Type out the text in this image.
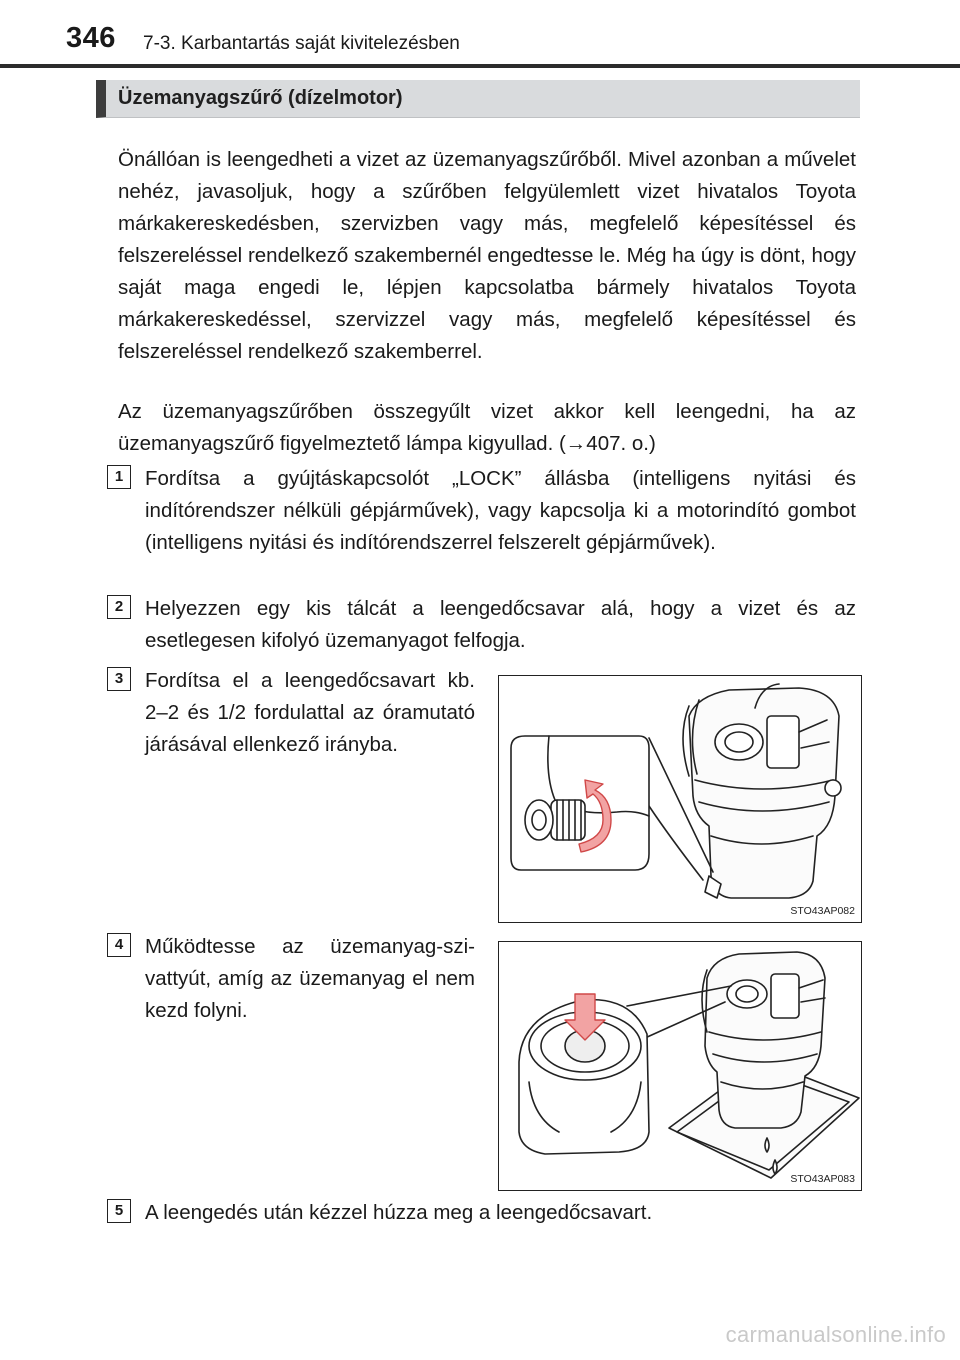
346 7-3. Karbantartás saját kivitelezésben
Üzemanyagszűrő (dízelmotor)

Önállóan is leengedheti a vizet az üzemanyagszűrőből. Mivel azonban a művelet nehéz, javasoljuk, hogy a szűrőben felgyülemlett vizet hivatalos Toyota márkakereskedésben, szervizben vagy más, megfelelő képesítéssel és felszereléssel rendelkező szakembernél engedtesse le. Még ha úgy is dönt, hogy saját maga engedi le, lépjen kapcsolatba bármely hivatalos Toyota márkakereskedéssel, szervizzel vagy más, megfelelő képesítéssel és felszereléssel rendelkező szakemberrel.

Az üzemanyagszűrőben összegyűlt vizet akkor kell leengedni, ha az üzemanyagszűrő figyelmeztető lámpa kigyullad. (→407. o.)

1	Fordítsa a gyújtáskapcsolót „LOCK” állásba (intelligens nyitási és indítórendszer nélküli gépjárművek), vagy kapcsolja ki a motorindító gombot (intelligens nyitási és indítórendszerrel felszerelt gépjárművek).

2	Helyezzen egy kis tálcát a leengedőcsavar alá, hogy a vizet és az esetlegesen kifolyó üzemanyagot felfogja.

3	Fordítsa el a leengedőcsavart kb. 2–2 és 1/2 fordulattal az óramutató járásával ellenkező irányba.

STO43AP082
4	Működtesse az üzemanyag-szivattyút, amíg az üzemanyag el nem kezd folyni.

STO43AP083
5	A leengedés után kézzel húzza meg a leengedőcsavart.

carmanualsonline.info
